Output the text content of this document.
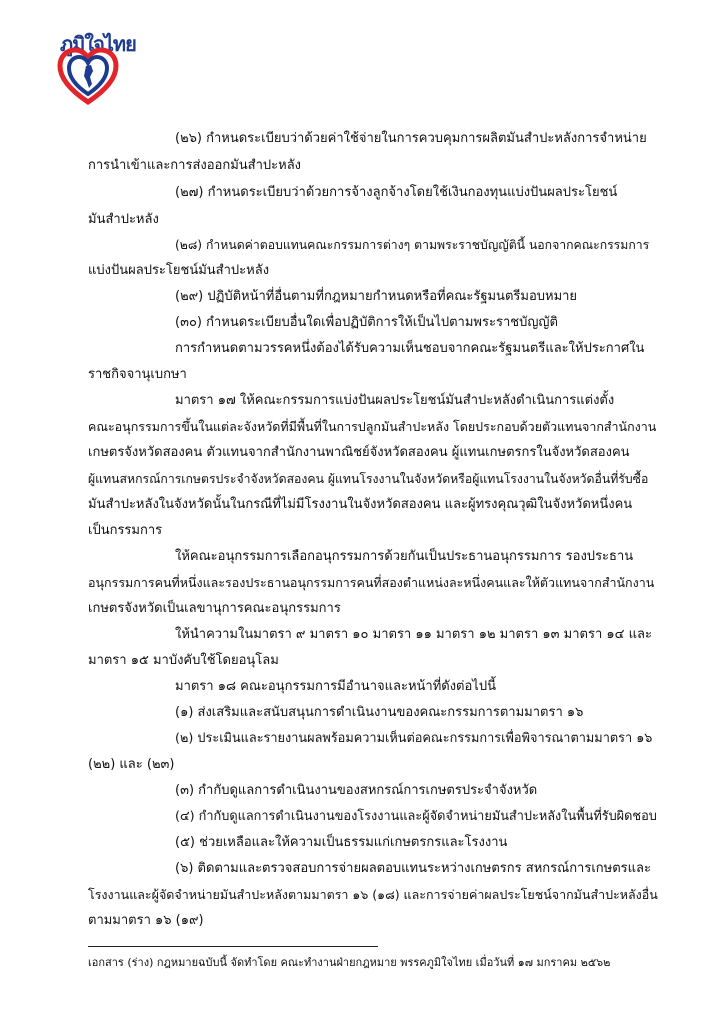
ภูมิใจไทย
(๒๖) กำหนดระเบียบว่าด้วยค่าใช้จ่ายในการควบคุมการผลิตมันสำปะหลังการจำหน่าย
การนำเข้าและการส่งออกมันสำปะหลัง
(๒๗) กำหนดระเบียบว่าด้วยการจ้างลูกจ้างโดยใช้เงินกองทุนแบ่งปันผลประโยชน์
มันสำปะหลัง
(๒๘) กำหนดค่าตอบแทนคณะกรรมการต่างๆ ตามพระราชบัญญัตินี้ นอกจากคณะกรรมการ
แบ่งปันผลประโยชน์มันสำปะหลัง
(๒๙) ปฏิบัติหน้าที่อื่นตามที่กฎหมายกำหนดหรือที่คณะรัฐมนตรีมอบหมาย
(๓๐) กำหนดระเบียบอื่นใดเพื่อปฏิบัติการให้เป็นไปตามพระราชบัญญัติ
การกำหนดตามวรรคหนึ่งต้องได้รับความเห็นชอบจากคณะรัฐมนตรีและให้ประกาศใน
ราชกิจจานุเบกษา
มาตรา ๑๗ ให้คณะกรรมการแบ่งปันผลประโยชน์มันสำปะหลังดำเนินการแต่งตั้ง
คณะอนุกรรมการขึ้นในแต่ละจังหวัดที่มีพื้นที่ในการปลูกมันสำปะหลัง โดยประกอบด้วยตัวแทนจากสำนักงาน
เกษตรจังหวัดสองคน ตัวแทนจากสำนักงานพาณิชย์จังหวัดสองคน ผู้แทนเกษตรกรในจังหวัดสองคน
ผู้แทนสหกรณ์การเกษตรประจำจังหวัดสองคน ผู้แทนโรงงานในจังหวัดหรือผู้แทนโรงงานในจังหวัดอื่นที่รับซื้อ
มันสำปะหลังในจังหวัดนั้นในกรณีที่ไม่มีโรงงานในจังหวัดสองคน และผู้ทรงคุณวุฒิในจังหวัดหนึ่งคน
เป็นกรรมการ
ให้คณะอนุกรรมการเลือกอนุกรรมการด้วยกันเป็นประธานอนุกรรมการ รองประธาน
อนุกรรมการคนที่หนึ่งและรองประธานอนุกรรมการคนที่สองตำแหน่งละหนึ่งคนและให้ตัวแทนจากสำนักงาน
เกษตรจังหวัดเป็นเลขานุการคณะอนุกรรมการ
ให้นำความในมาตรา ๙ มาตรา ๑๐ มาตรา ๑๑ มาตรา ๑๒ มาตรา ๑๓ มาตรา ๑๔ และ
มาตรา ๑๕ มาบังคับใช้โดยอนุโลม
มาตรา ๑๘ คณะอนุกรรมการมีอำนาจและหน้าที่ดังต่อไปนี้
(๑) ส่งเสริมและสนับสนุนการดำเนินงานของคณะกรรมการตามมาตรา ๑๖
(๒) ประเมินและรายงานผลพร้อมความเห็นต่อคณะกรรมการเพื่อพิจารณาตามมาตรา ๑๖
(๒๒) และ (๒๓)
(๓) กำกับดูแลการดำเนินงานของสหกรณ์การเกษตรประจำจังหวัด
(๔) กำกับดูแลการดำเนินงานของโรงงานและผู้จัดจำหน่ายมันสำปะหลังในพื้นที่รับผิดชอบ
(๕) ช่วยเหลือและให้ความเป็นธรรมแก่เกษตรกรและโรงงาน
(๖) ติดตามและตรวจสอบการจ่ายผลตอบแทนระหว่างเกษตรกร สหกรณ์การเกษตรและ
โรงงานและผู้จัดจำหน่ายมันสำปะหลังตามมาตรา ๑๖ (๑๘) และการจ่ายค่าผลประโยชน์จากมันสำปะหลังอื่น
ตามมาตรา ๑๖ (๑๙)
เอกสาร (ร่าง) กฎหมายฉบับนี้ จัดทำโดย คณะทำงานฝ่ายกฎหมาย พรรคภูมิใจไทย เมื่อวันที่ ๑๗ มกราคม ๒๕๖๒
